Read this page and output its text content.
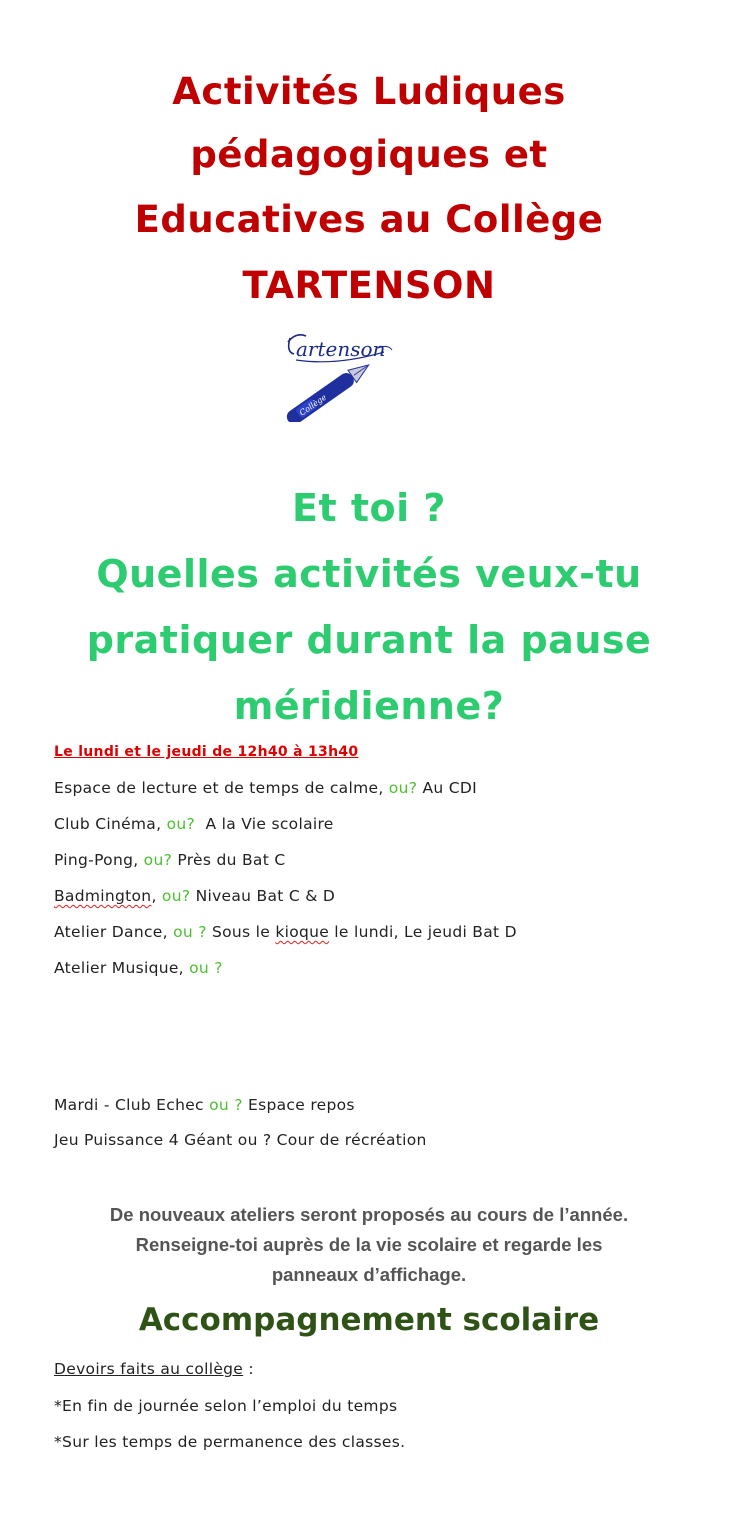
Activités Ludiques
pédagogiques et
Educatives au Collège
TARTENSON
artenson
Collège
Et toi ?
Quelles activités veux-tu
pratiquer durant la pause
méridienne?
Le lundi et le jeudi de 12h40 à 13h40
Espace de lecture et de temps de calme, ou? Au CDI
Club Cinéma, ou? A la Vie scolaire
Ping-Pong, ou? Près du Bat C
Badmington, ou? Niveau Bat C & D
Atelier Dance, ou ? Sous le kioque le lundi, Le jeudi Bat D
Atelier Musique, ou ?
Mardi - Club Echec ou ? Espace repos
Jeu Puissance 4 Géant ou ? Cour de récréation
De nouveaux ateliers seront proposés au cours de l’année.
Renseigne-toi auprès de la vie scolaire et regarde les
panneaux d’affichage.
Accompagnement scolaire
Devoirs faits au collège :
*En fin de journée selon l’emploi du temps
*Sur les temps de permanence des classes.
